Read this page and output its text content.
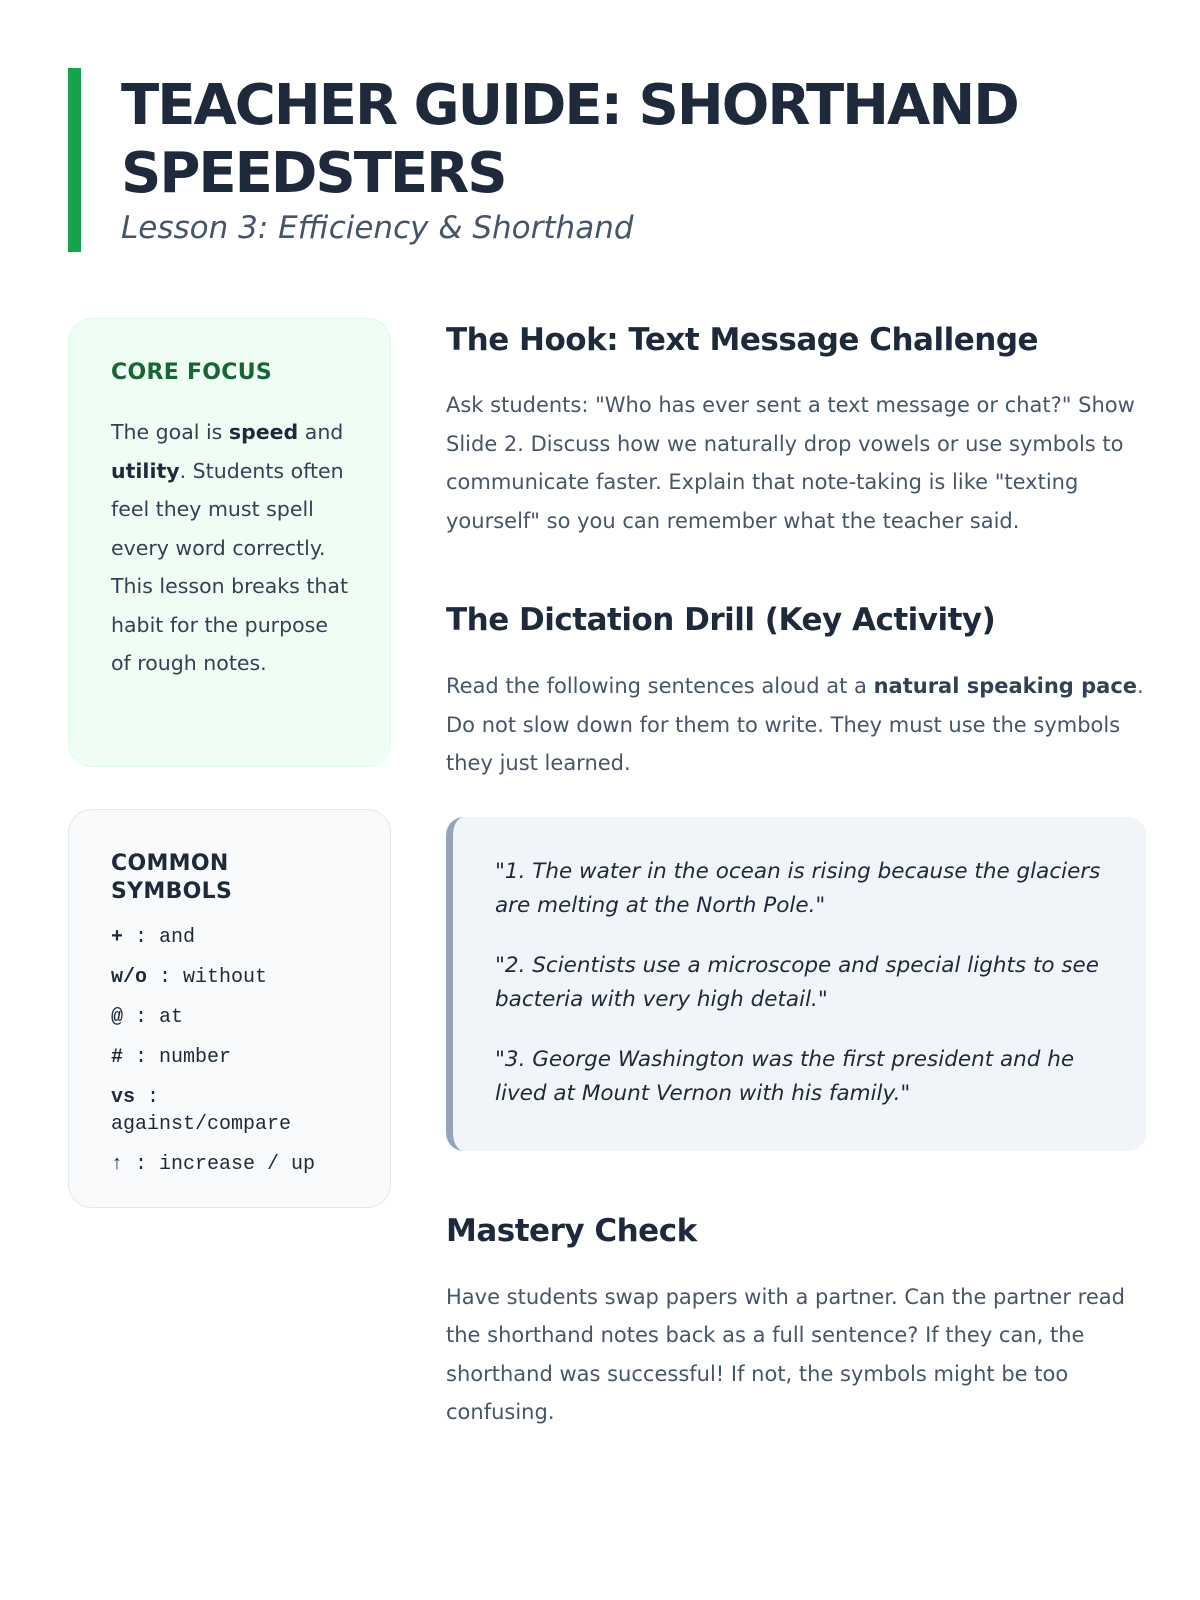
TEACHER GUIDE: SHORTHAND SPEEDSTERS
Lesson 3: Efficiency & Shorthand
CORE FOCUS

The goal is speed and utility. Students often feel they must spell every word correctly. This lesson breaks that habit for the purpose of rough notes.

COMMON SYMBOLS
+ : and
w/o : without
@ : at
# : number
vs : against/compare
↑ : increase / up
The Hook: Text Message Challenge

Ask students: "Who has ever sent a text message or chat?" Show Slide 2. Discuss how we naturally drop vowels or use symbols to communicate faster. Explain that note-taking is like "texting yourself" so you can remember what the teacher said.

The Dictation Drill (Key Activity)

Read the following sentences aloud at a natural speaking pace. Do not slow down for them to write. They must use the symbols they just learned.

"1. The water in the ocean is rising because the glaciers are melting at the North Pole."

"2. Scientists use a microscope and special lights to see bacteria with very high detail."

"3. George Washington was the first president and he lived at Mount Vernon with his family."

Mastery Check

Have students swap papers with a partner. Can the partner read the shorthand notes back as a full sentence? If they can, the shorthand was successful! If not, the symbols might be too confusing.
